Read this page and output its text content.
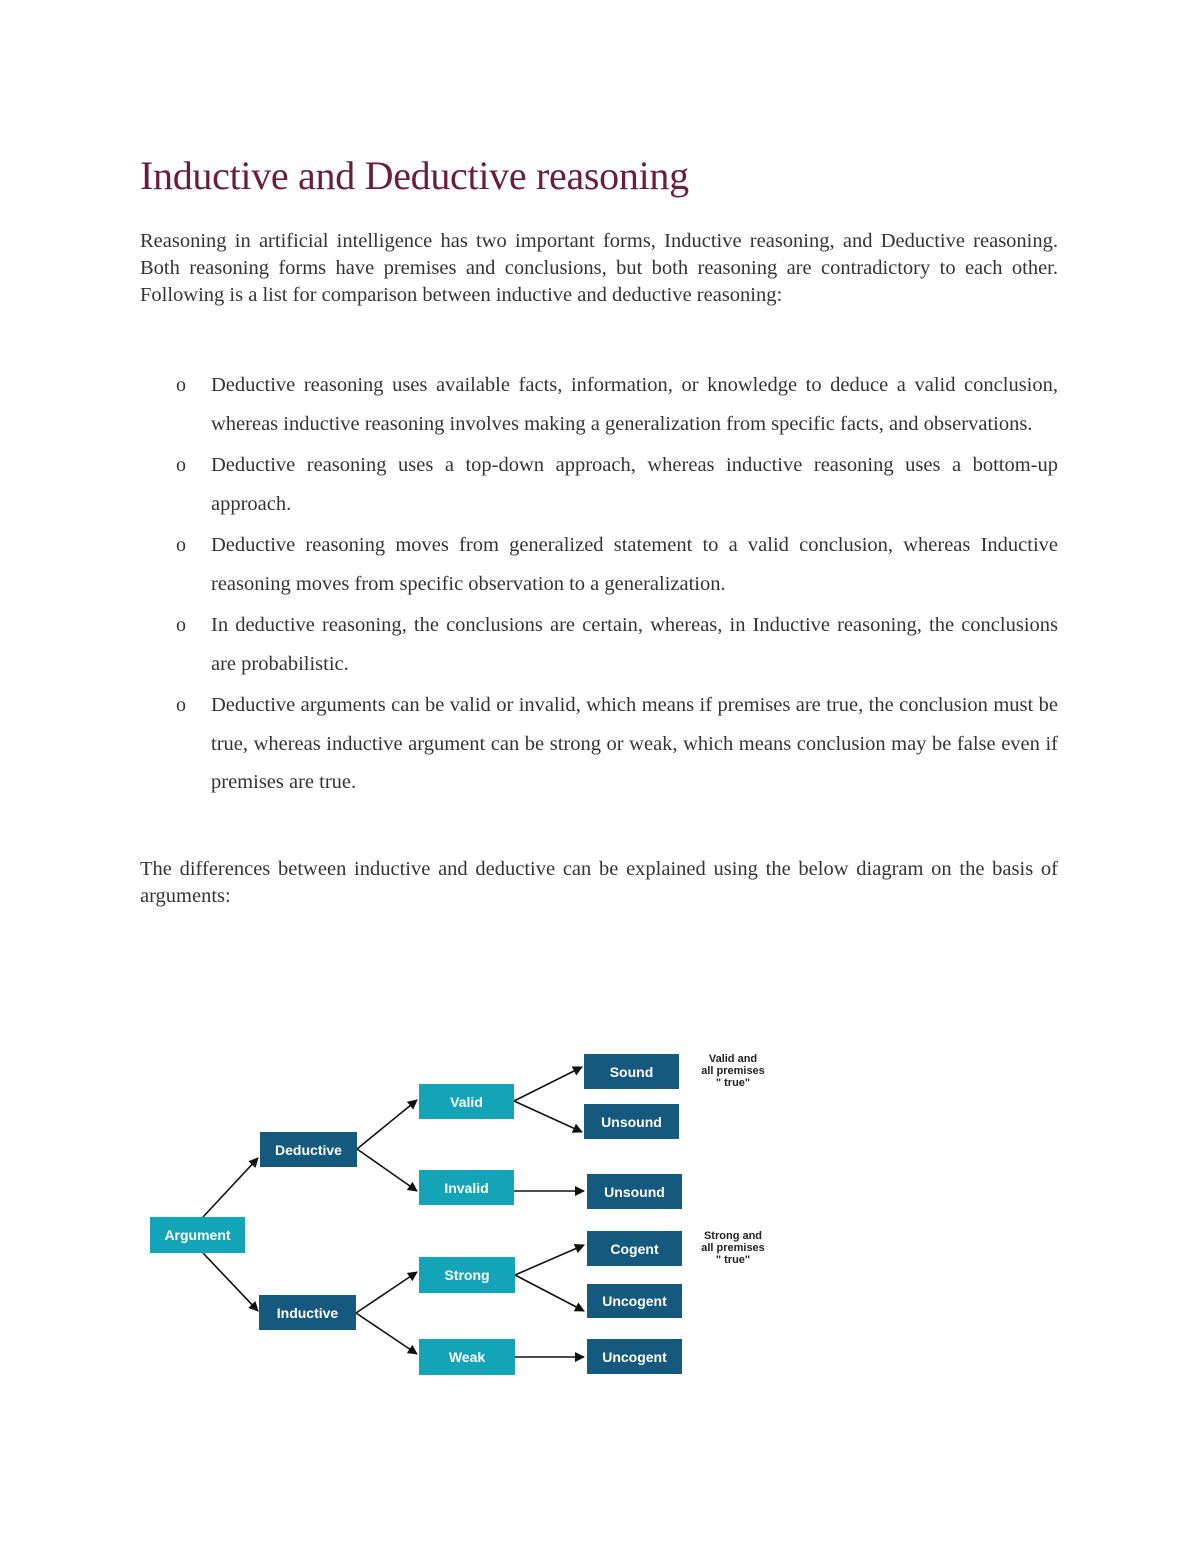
Inductive and Deductive reasoning

Reasoning in artificial intelligence has two important forms, Inductive reasoning, and Deductive reasoning. Both reasoning forms have premises and conclusions, but both reasoning are contradictory to each other. Following is a list for comparison between inductive and deductive reasoning:

o Deductive reasoning uses available facts, information, or knowledge to deduce a valid conclusion, whereas inductive reasoning involves making a generalization from specific facts, and observations.
o Deductive reasoning uses a top-down approach, whereas inductive reasoning uses a bottom-up approach.
o Deductive reasoning moves from generalized statement to a valid conclusion, whereas Inductive reasoning moves from specific observation to a generalization.
o In deductive reasoning, the conclusions are certain, whereas, in Inductive reasoning, the conclusions are probabilistic.
o Deductive arguments can be valid or invalid, which means if premises are true, the conclusion must be true, whereas inductive argument can be strong or weak, which means conclusion may be false even if premises are true.

The differences between inductive and deductive can be explained using the below diagram on the basis of arguments:

Argument
Deductive
Inductive
Valid
Invalid
Strong
Weak
Sound
Unsound
Unsound
Cogent
Uncogent
Uncogent
Valid and
all premises
" true"
Strong and
all premises
" true"
